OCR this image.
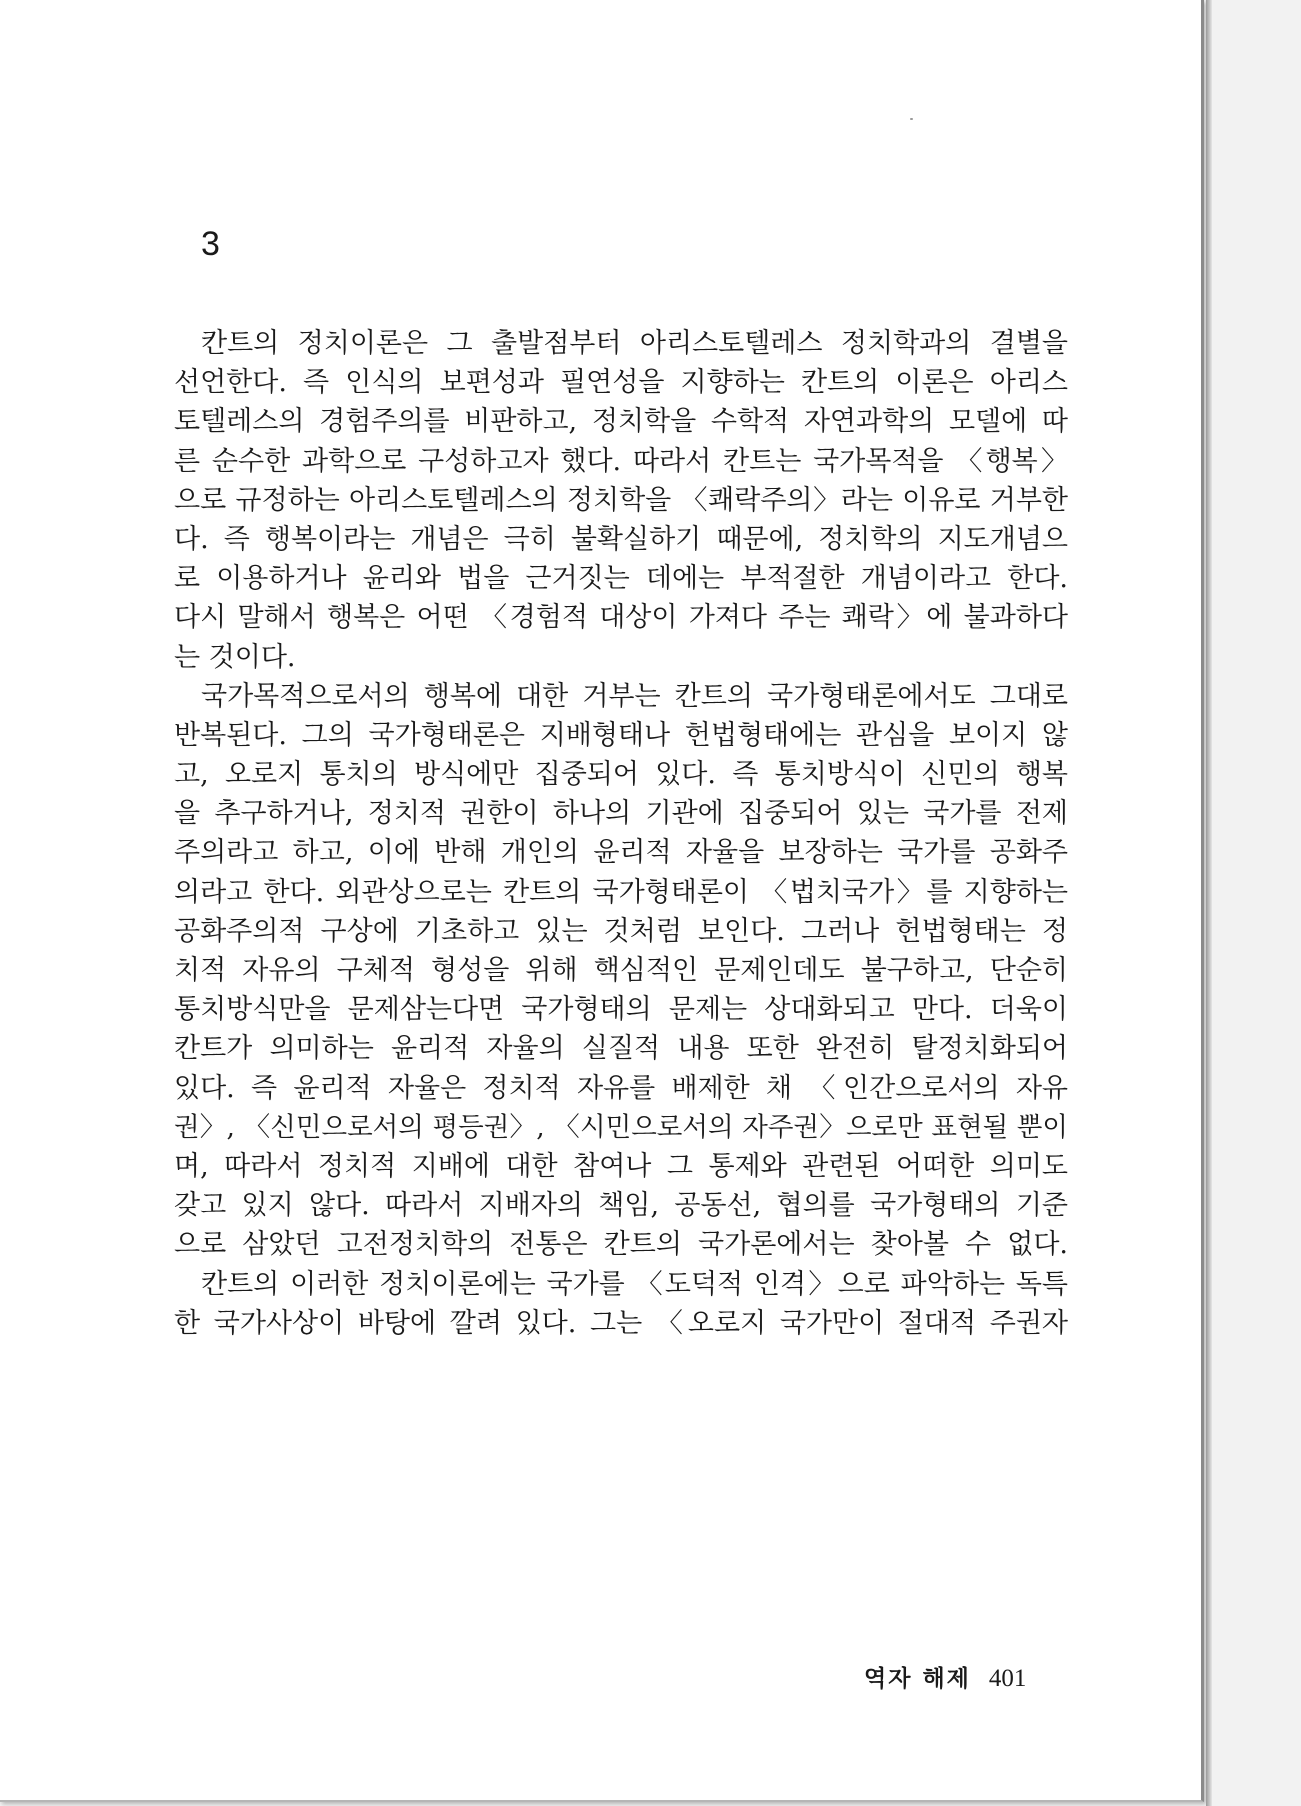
3
칸트의 정치이론은 그 출발점부터 아리스토텔레스 정치학과의 결별을
선언한다. 즉 인식의 보편성과 필연성을 지향하는 칸트의 이론은 아리스
토텔레스의 경험주의를 비판하고, 정치학을 수학적 자연과학의 모델에 따
른 순수한 과학으로 구성하고자 했다. 따라서 칸트는 국가목적을 〈행복〉
으로 규정하는 아리스토텔레스의 정치학을 〈쾌락주의〉라는 이유로 거부한
다. 즉 행복이라는 개념은 극히 불확실하기 때문에, 정치학의 지도개념으
로 이용하거나 윤리와 법을 근거짓는 데에는 부적절한 개념이라고 한다.
다시 말해서 행복은 어떤 〈경험적 대상이 가져다 주는 쾌락〉에 불과하다
는 것이다.
국가목적으로서의 행복에 대한 거부는 칸트의 국가형태론에서도 그대로
반복된다. 그의 국가형태론은 지배형태나 헌법형태에는 관심을 보이지 않
고, 오로지 통치의 방식에만 집중되어 있다. 즉 통치방식이 신민의 행복
을 추구하거나, 정치적 권한이 하나의 기관에 집중되어 있는 국가를 전제
주의라고 하고, 이에 반해 개인의 윤리적 자율을 보장하는 국가를 공화주
의라고 한다. 외관상으로는 칸트의 국가형태론이 〈법치국가〉를 지향하는
공화주의적 구상에 기초하고 있는 것처럼 보인다. 그러나 헌법형태는 정
치적 자유의 구체적 형성을 위해 핵심적인 문제인데도 불구하고, 단순히
통치방식만을 문제삼는다면 국가형태의 문제는 상대화되고 만다. 더욱이
칸트가 의미하는 윤리적 자율의 실질적 내용 또한 완전히 탈정치화되어
있다. 즉 윤리적 자율은 정치적 자유를 배제한 채 〈인간으로서의 자유
권〉, 〈신민으로서의 평등권〉, 〈시민으로서의 자주권〉으로만 표현될 뿐이
며, 따라서 정치적 지배에 대한 참여나 그 통제와 관련된 어떠한 의미도
갖고 있지 않다. 따라서 지배자의 책임, 공동선, 협의를 국가형태의 기준
으로 삼았던 고전정치학의 전통은 칸트의 국가론에서는 찾아볼 수 없다.
칸트의 이러한 정치이론에는 국가를 〈도덕적 인격〉으로 파악하는 독특
한 국가사상이 바탕에 깔려 있다. 그는 〈오로지 국가만이 절대적 주권자
역자 해제 401
